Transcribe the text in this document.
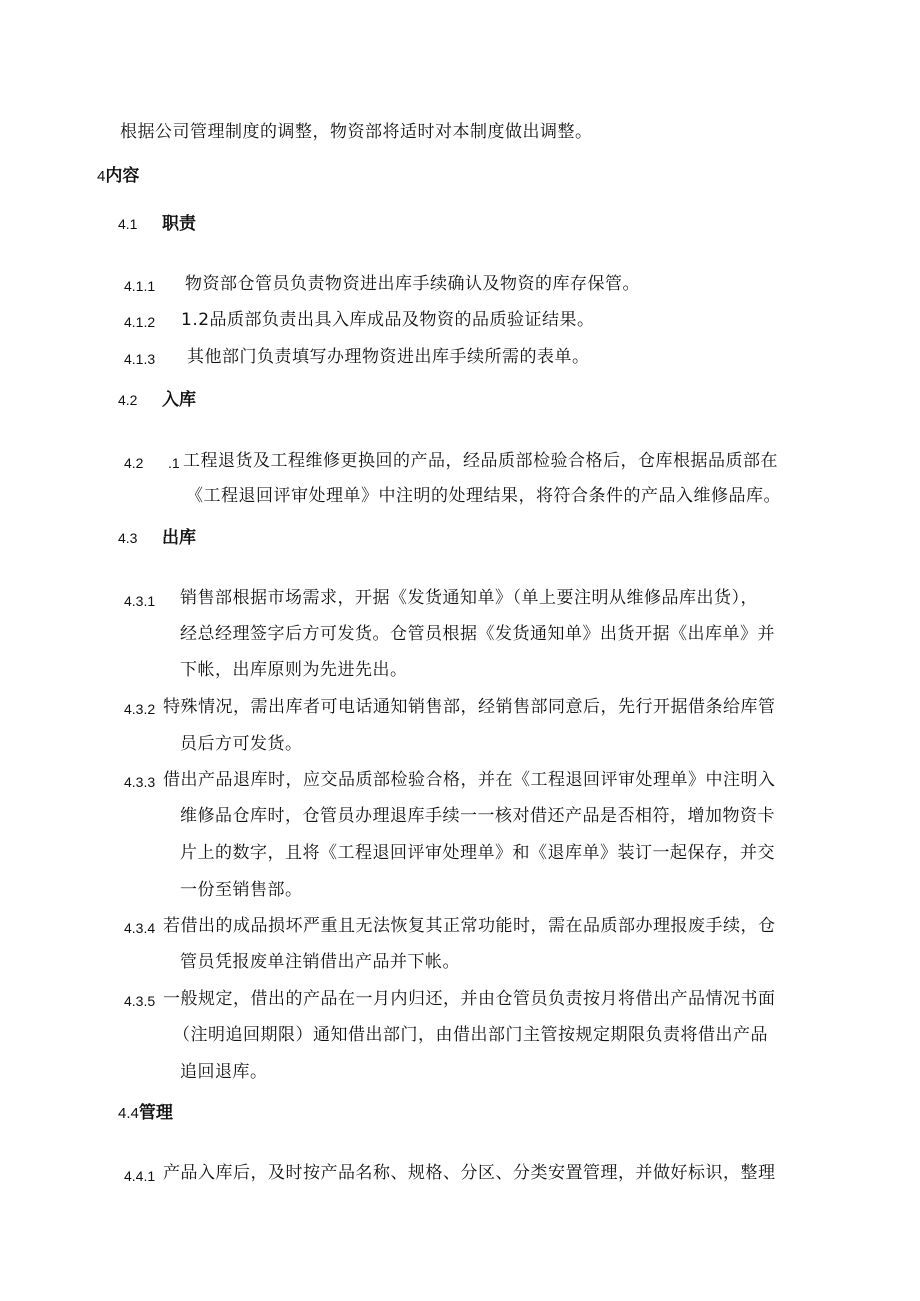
根据公司管理制度的调整，物资部将适时对本制度做出调整。
4内容
4.1 职责
4.1.1 物资部仓管员负责物资进出库手续确认及物资的库存保管。
4.1.2 1.2品质部负责出具入库成品及物资的品质验证结果。
4.1.3 其他部门负责填写办理物资进出库手续所需的表单。
4.2 入库
4.2 .1 工程退货及工程维修更换回的产品，经品质部检验合格后，仓库根据品质部在
《工程退回评审处理单》中注明的处理结果，将符合条件的产品入维修品库。
4.3 出库
4.3.1 销售部根据市场需求，开据《发货通知单》（单上要注明从维修品库出货），
经总经理签字后方可发货。仓管员根据《发货通知单》出货开据《出库单》并
下帐，出库原则为先进先出。
4.3.2 特殊情况，需出库者可电话通知销售部，经销售部同意后，先行开据借条给库管
员后方可发货。
4.3.3 借出产品退库时，应交品质部检验合格，并在《工程退回评审处理单》中注明入
维修品仓库时，仓管员办理退库手续一一核对借还产品是否相符，增加物资卡
片上的数字，且将《工程退回评审处理单》和《退库单》装订一起保存，并交
一份至销售部。
4.3.4 若借出的成品损坏严重且无法恢复其正常功能时，需在品质部办理报废手续，仓
管员凭报废单注销借出产品并下帐。
4.3.5 一般规定，借出的产品在一月内归还，并由仓管员负责按月将借出产品情况书面
（注明追回期限）通知借出部门，由借出部门主管按规定期限负责将借出产品
追回退库。
4.4管理
4.4.1 产品入库后，及时按产品名称、规格、分区、分类安置管理，并做好标识，整理
